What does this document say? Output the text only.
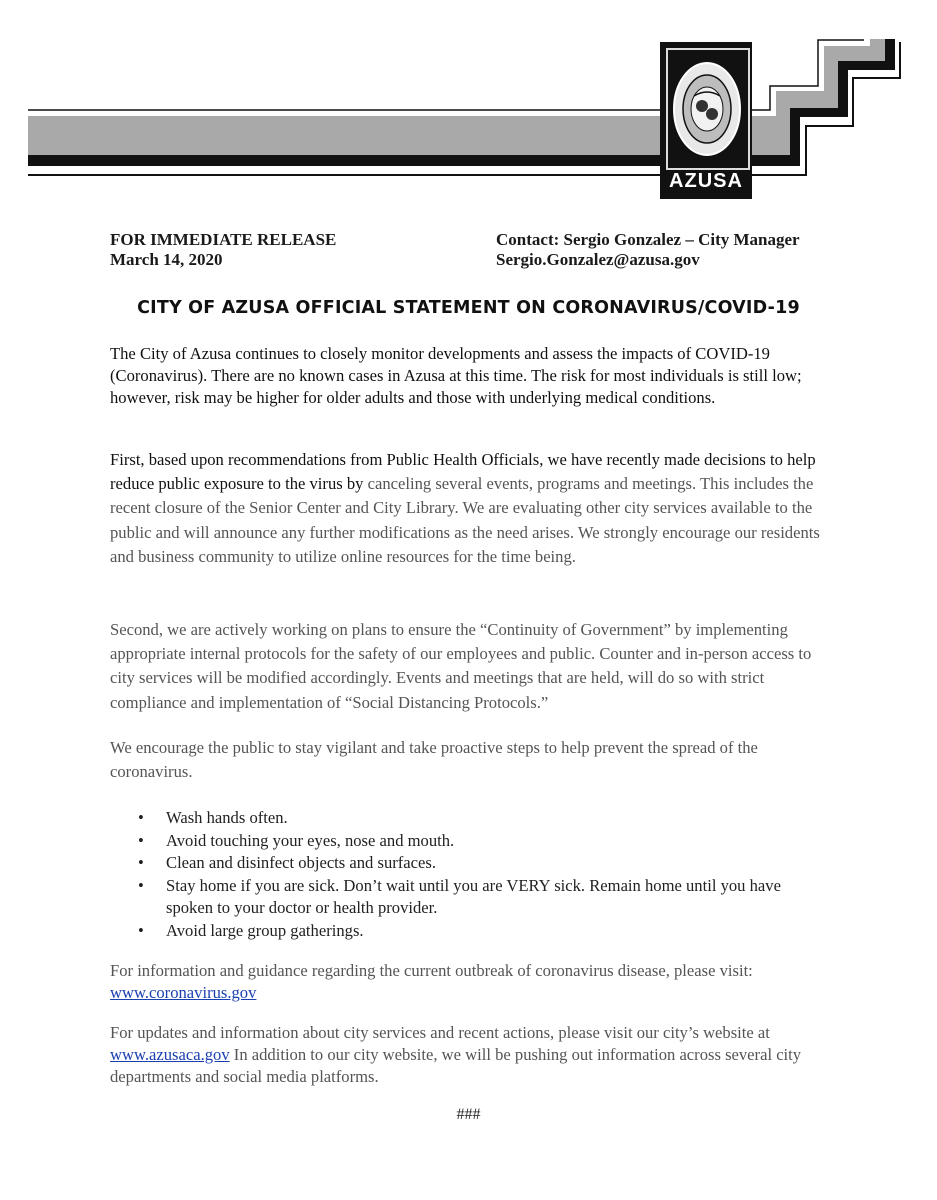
AZUSA
FOR IMMEDIATE RELEASE
March 14, 2020
Contact: Sergio Gonzalez – City Manager
Sergio.Gonzalez@azusa.gov
CITY OF AZUSA OFFICIAL STATEMENT ON CORONAVIRUS/COVID-19

The City of Azusa continues to closely monitor developments and assess the impacts of COVID-19 (Coronavirus). There are no known cases in Azusa at this time. The risk for most individuals is still low; however, risk may be higher for older adults and those with underlying medical conditions.

First, based upon recommendations from Public Health Officials, we have recently made decisions to help reduce public exposure to the virus by canceling several events, programs and meetings. This includes the recent closure of the Senior Center and City Library. We are evaluating other city services available to the public and will announce any further modifications as the need arises. We strongly encourage our residents and business community to utilize online resources for the time being.

Second, we are actively working on plans to ensure the “Continuity of Government” by implementing appropriate internal protocols for the safety of our employees and public. Counter and in-person access to city services will be modified accordingly. Events and meetings that are held, will do so with strict compliance and implementation of “Social Distancing Protocols.”

We encourage the public to stay vigilant and take proactive steps to help prevent the spread of the coronavirus.

• Wash hands often.
• Avoid touching your eyes, nose and mouth.
• Clean and disinfect objects and surfaces.
• Stay home if you are sick. Don’t wait until you are VERY sick. Remain home until you have spoken to your doctor or health provider.
• Avoid large group gatherings.

For information and guidance regarding the current outbreak of coronavirus disease, please visit:
www.coronavirus.gov

For updates and information about city services and recent actions, please visit our city’s website at www.azusaca.gov In addition to our city website, we will be pushing out information across several city departments and social media platforms.

###
